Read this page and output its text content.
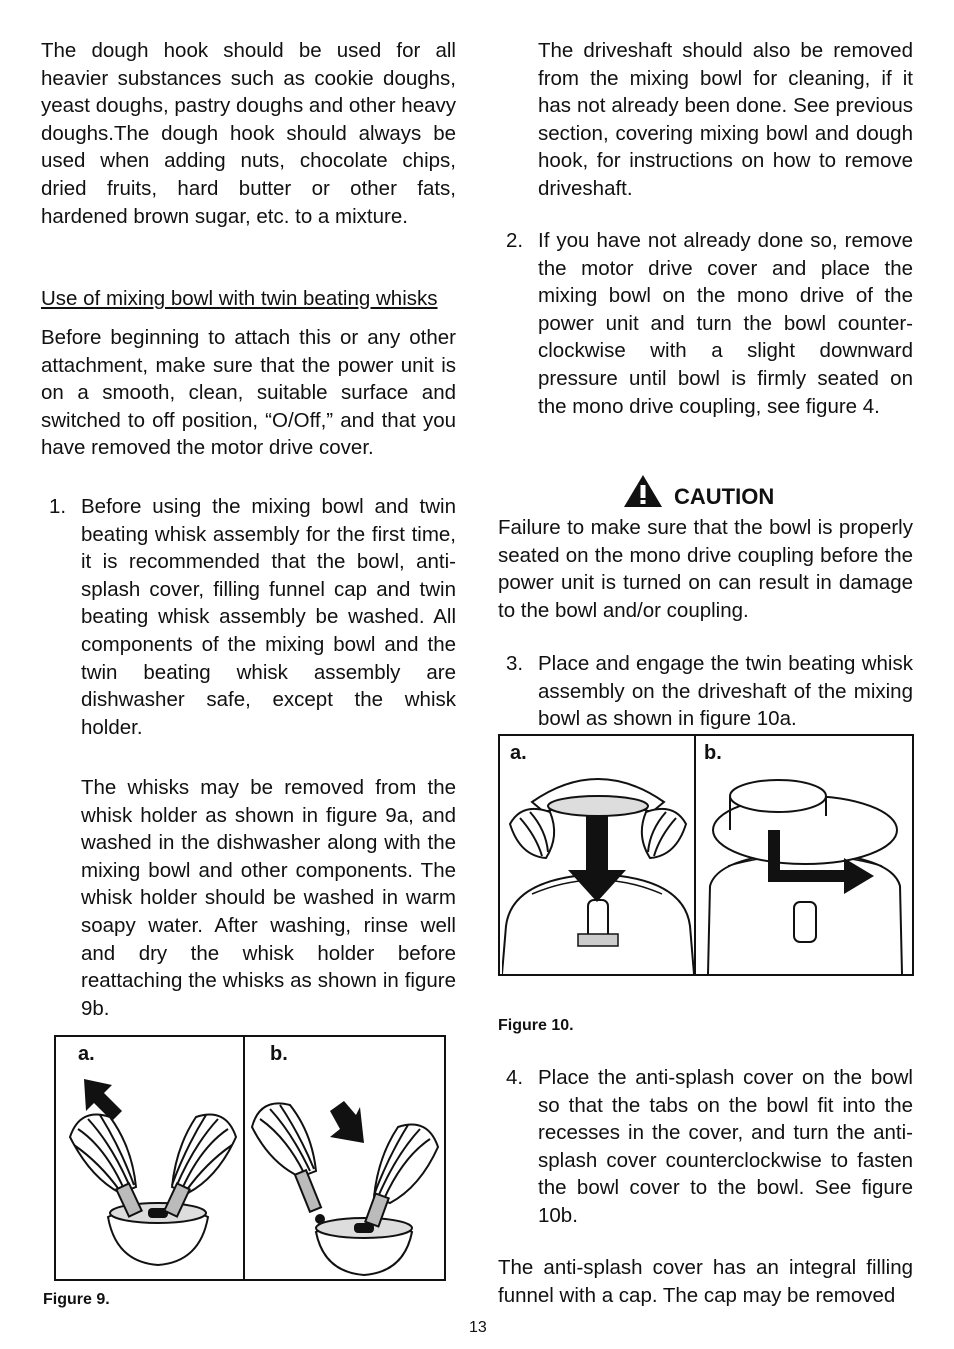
The dough hook should be used for all heavier substances such as cookie doughs, yeast doughs, pastry doughs and other heavy doughs.The dough hook should always be used when adding nuts, chocolate chips, dried fruits, hard butter or other fats, hardened brown sugar, etc. to a mixture.

Use of mixing bowl with twin beating whisks

Before beginning to attach this or any other attachment, make sure that the power unit is on a smooth, clean, suitable surface and switched to off position, “O/Off,” and that you have removed the motor drive cover.

1. Before using the mixing bowl and twin beating whisk assembly for the first time, it is recommended that the bowl, anti-splash cover, filling funnel cap and twin beating whisk assembly be washed. All components of the mixing bowl and the twin beating whisk assembly are dishwasher safe, except the whisk holder.

The whisks may be removed from the whisk holder as shown in figure 9a, and washed in the dishwasher along with the mixing bowl and other components. The whisk holder should be washed in warm soapy water. After washing, rinse well and dry the whisk holder before reattaching the whisks as shown in figure 9b.

a.	b.
Figure 9.

The driveshaft should also be removed from the mixing bowl for cleaning, if it has not already been done. See previous section, covering mixing bowl and dough hook, for instructions on how to remove driveshaft.

2. If you have not already done so, remove the motor drive cover and place the mixing bowl on the mono drive of the power unit and turn the bowl counter-clockwise with a slight downward pressure until bowl is firmly seated on the mono drive coupling, see figure 4.

CAUTION

Failure to make sure that the bowl is properly seated on the mono drive coupling before the power unit is turned on can result in damage to the bowl and/or coupling.

3. Place and engage the twin beating whisk assembly on the driveshaft of the mixing bowl as shown in figure 10a.

a.	b.
Figure 10.
4. Place the anti-splash cover on the bowl so that the tabs on the bowl fit into the recesses in the cover, and turn the anti-splash cover counterclockwise to fasten the bowl cover to the bowl. See figure 10b.

The anti-splash cover has an integral filling funnel with a cap. The cap may be removed

13
